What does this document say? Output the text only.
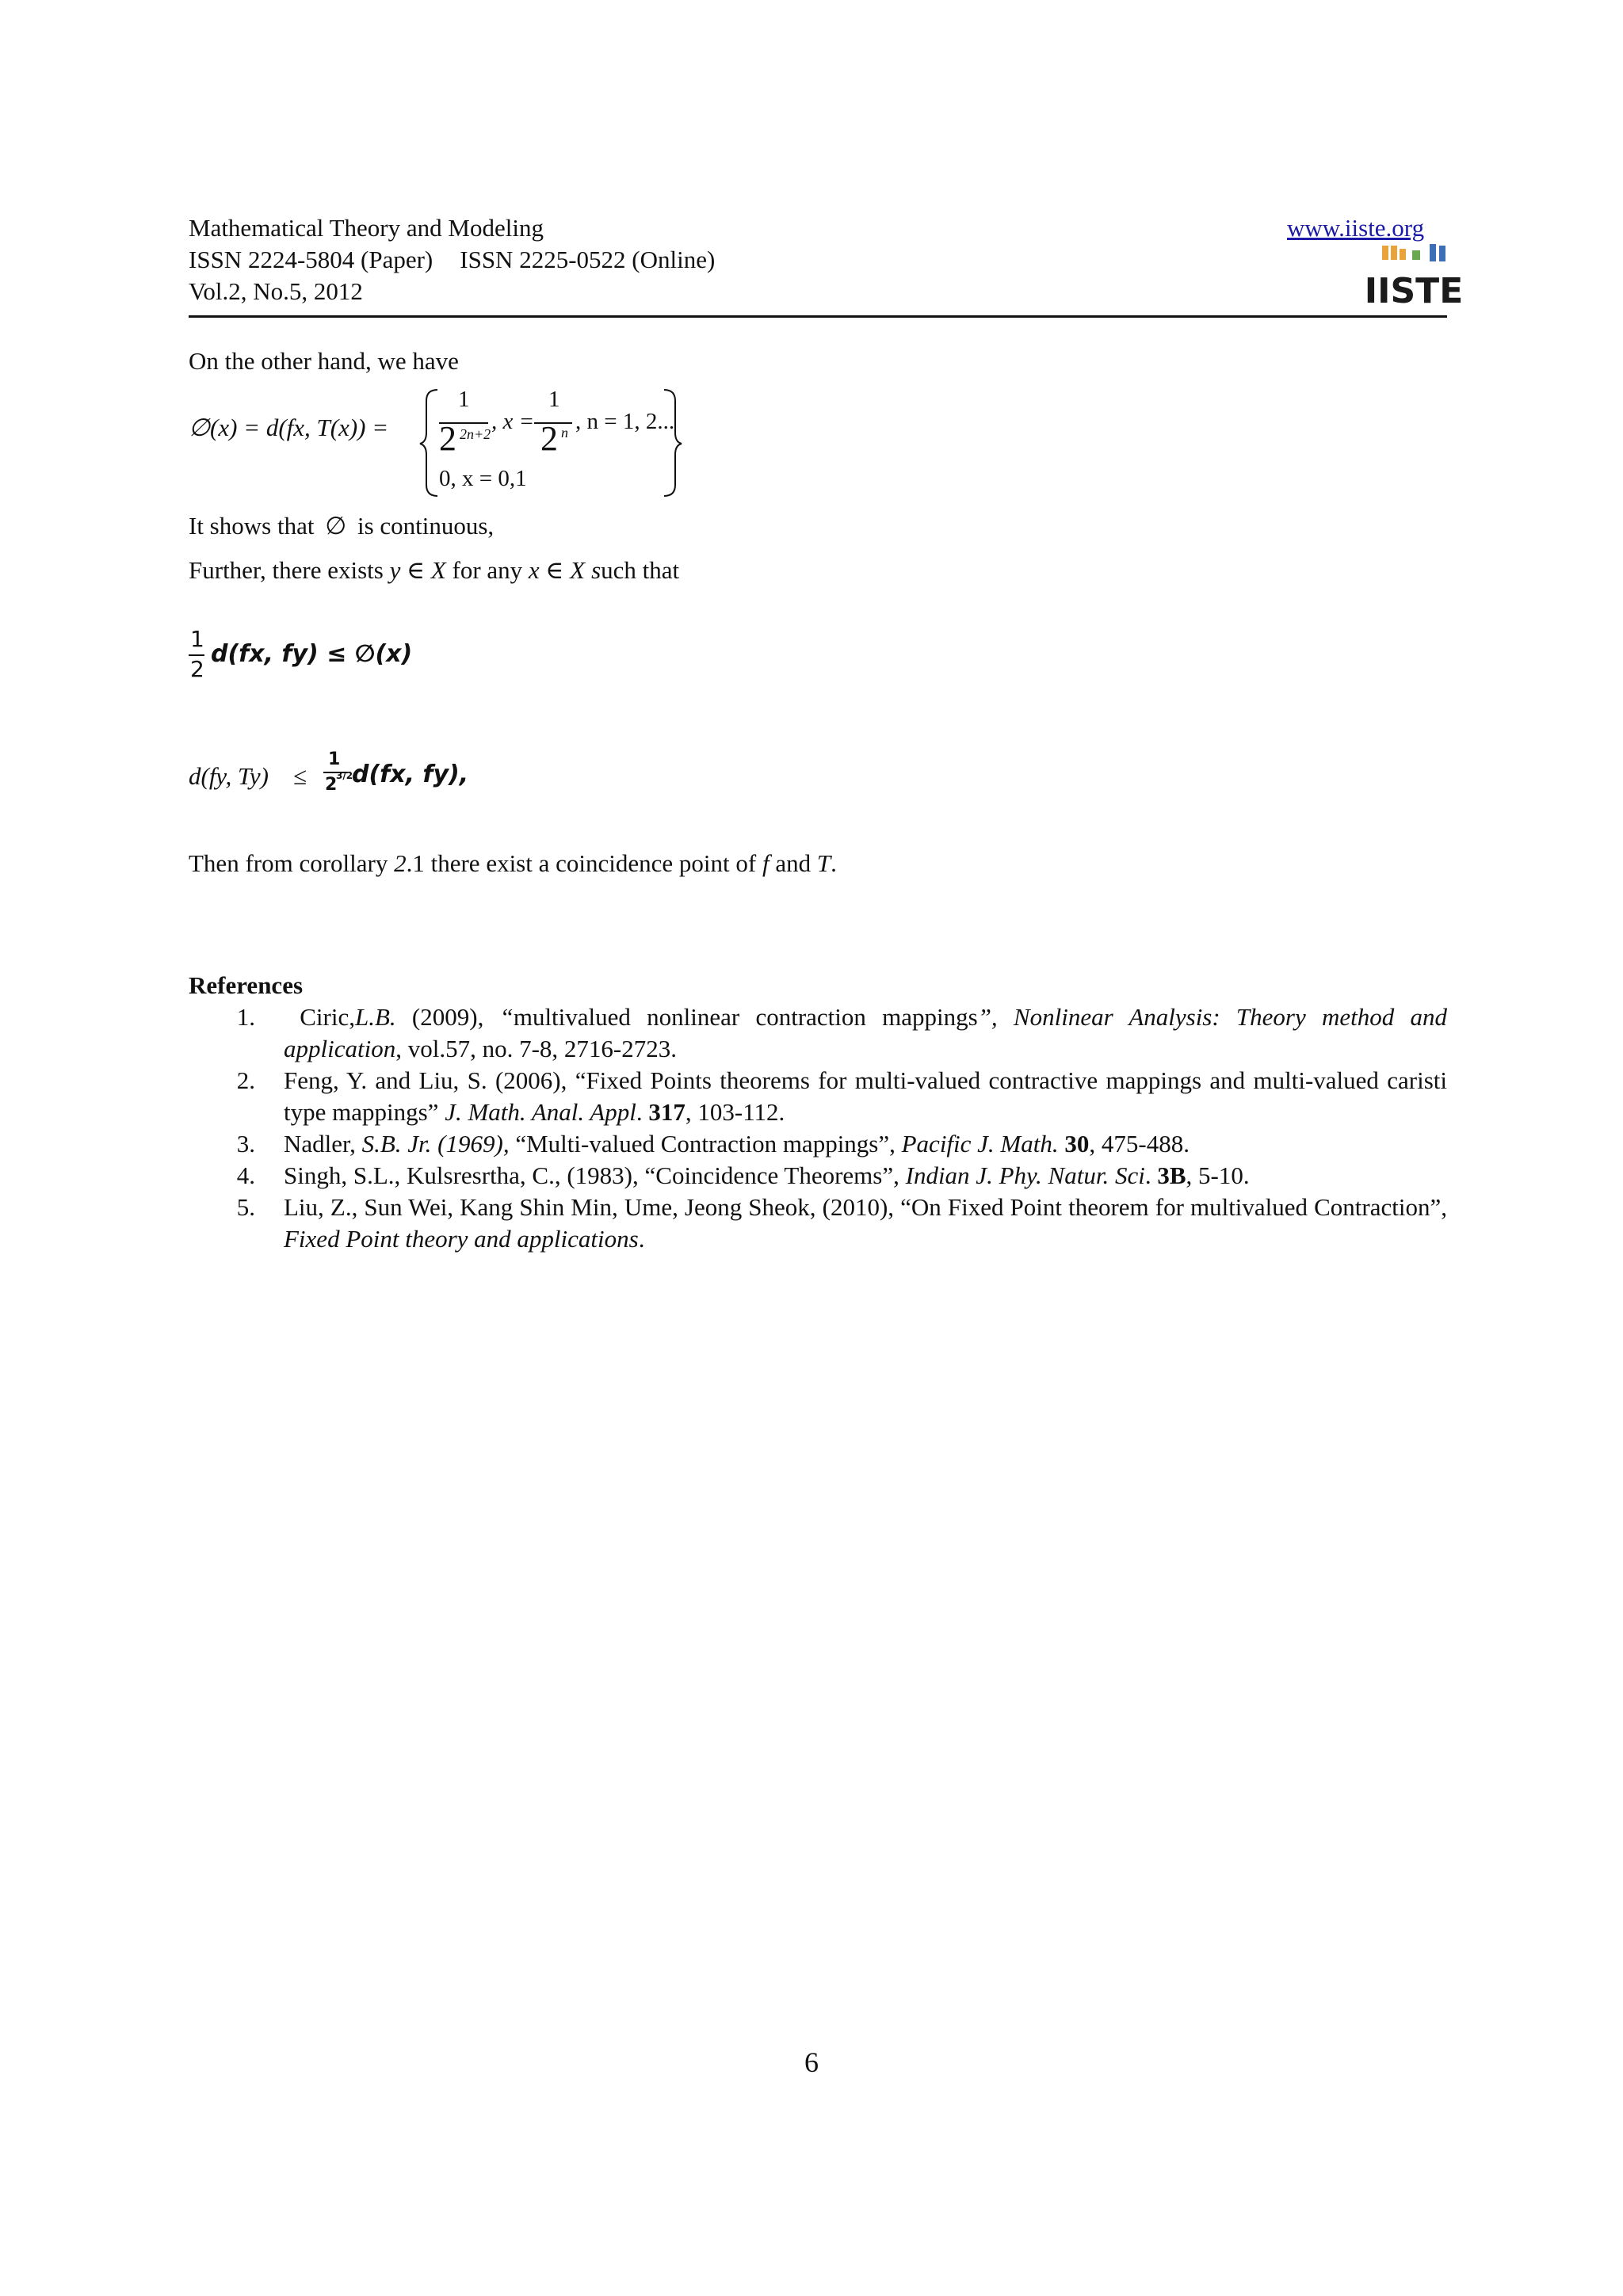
Mathematical Theory and Modeling
ISSN 2224-5804 (Paper) ISSN 2225-0522 (Online)
Vol.2, No.5, 2012
www.iiste.org
IISTE
On the other hand, we have
∅(x) = d(fx, T(x)) =
1
2 2n+2 , x =
1
2 n , n = 1, 2...
0, x = 0,1
It shows that ∅ is continuous,
Further, there exists y ∈ X for any x ∈ X such that
1
2
d(fx, fy) ≤ ∅(x)
d(fy, Ty) ≤
1
2
3/2
d(fx, fy),
Then from corollary 2.1 there exist a coincidence point of f and T.
References
1.	Ciric,L.B. (2009), “multivalued nonlinear contraction mappings”, Nonlinear Analysis: Theory method and application, vol.57, no. 7-8, 2716-2723.
2.	Feng, Y. and Liu, S. (2006), “Fixed Points theorems for multi-valued contractive mappings and multi-valued caristi type mappings” J. Math. Anal. Appl. 317, 103-112.
3.	Nadler, S.B. Jr. (1969), “Multi-valued Contraction mappings”, Pacific J. Math. 30, 475-488.
4.	Singh, S.L., Kulsresrtha, C., (1983), “Coincidence Theorems”, Indian J. Phy. Natur. Sci. 3B, 5-10.
5.	Liu, Z., Sun Wei, Kang Shin Min, Ume, Jeong Sheok, (2010), “On Fixed Point theorem for multivalued Contraction”, Fixed Point theory and applications.
6
